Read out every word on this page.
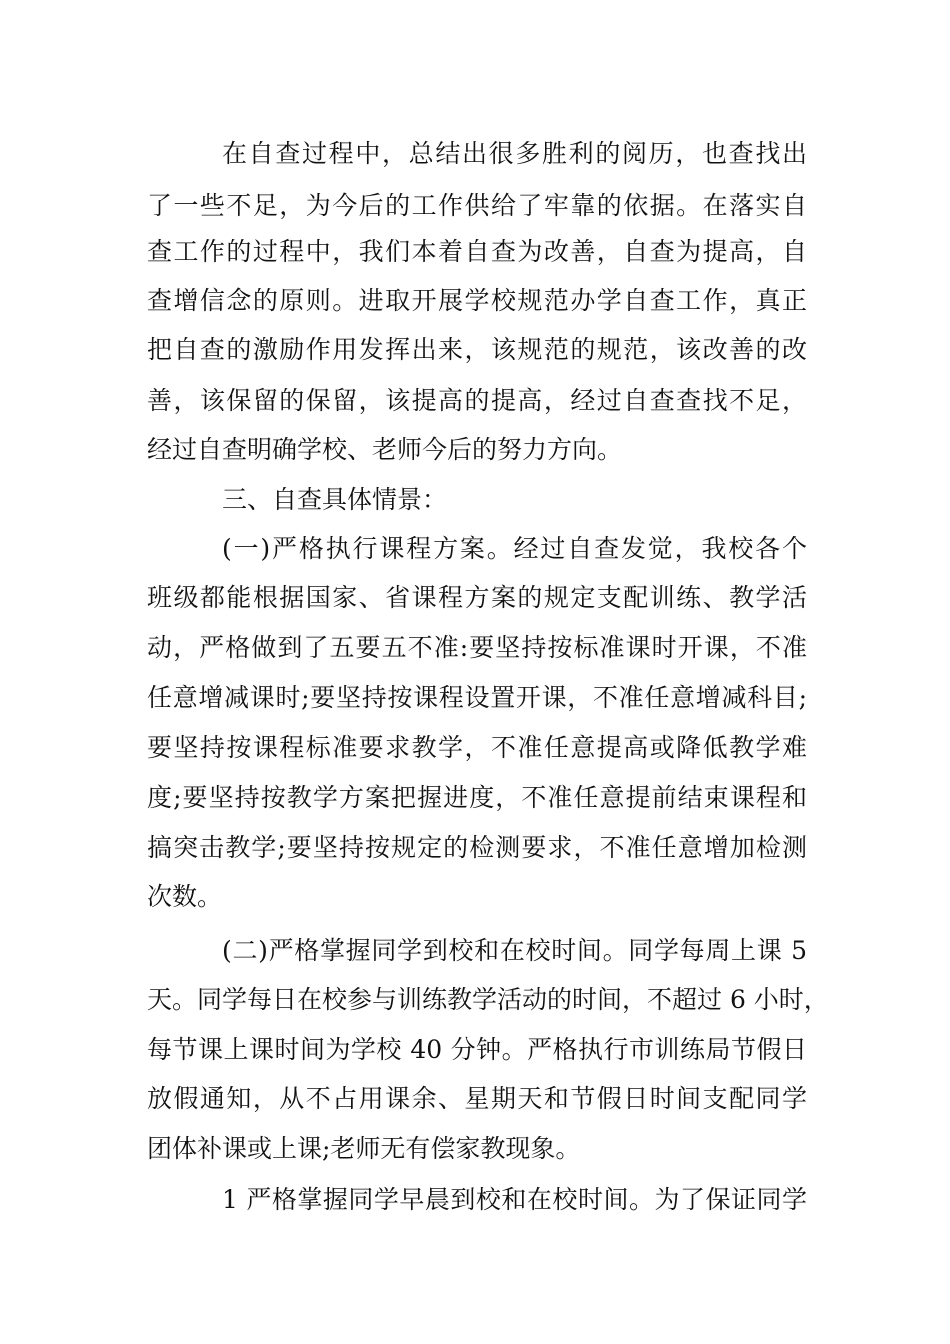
在自查过程中，总结出很多胜利的阅历，也查找出
了一些不足，为今后的工作供给了牢靠的依据。在落实自
查工作的过程中，我们本着自查为改善，自查为提高，自
查增信念的原则。进取开展学校规范办学自查工作，真正
把自查的激励作用发挥出来，该规范的规范，该改善的改
善，该保留的保留，该提高的提高，经过自查查找不足，
经过自查明确学校、老师今后的努力方向。
三、自查具体情景：
(一)严格执行课程方案。经过自查发觉，我校各个
班级都能根据国家、省课程方案的规定支配训练、教学活
动，严格做到了五要五不准:要坚持按标准课时开课，不准
任意增减课时;要坚持按课程设置开课，不准任意增减科目;
要坚持按课程标准要求教学，不准任意提高或降低教学难
度;要坚持按教学方案把握进度，不准任意提前结束课程和
搞突击教学;要坚持按规定的检测要求，不准任意增加检测
次数。
(二)严格掌握同学到校和在校时间。同学每周上课 5
天。同学每日在校参与训练教学活动的时间，不超过 6 小时，
每节课上课时间为学校 40 分钟。严格执行市训练局节假日
放假通知，从不占用课余、星期天和节假日时间支配同学
团体补课或上课;老师无有偿家教现象。
1 严格掌握同学早晨到校和在校时间。为了保证同学
